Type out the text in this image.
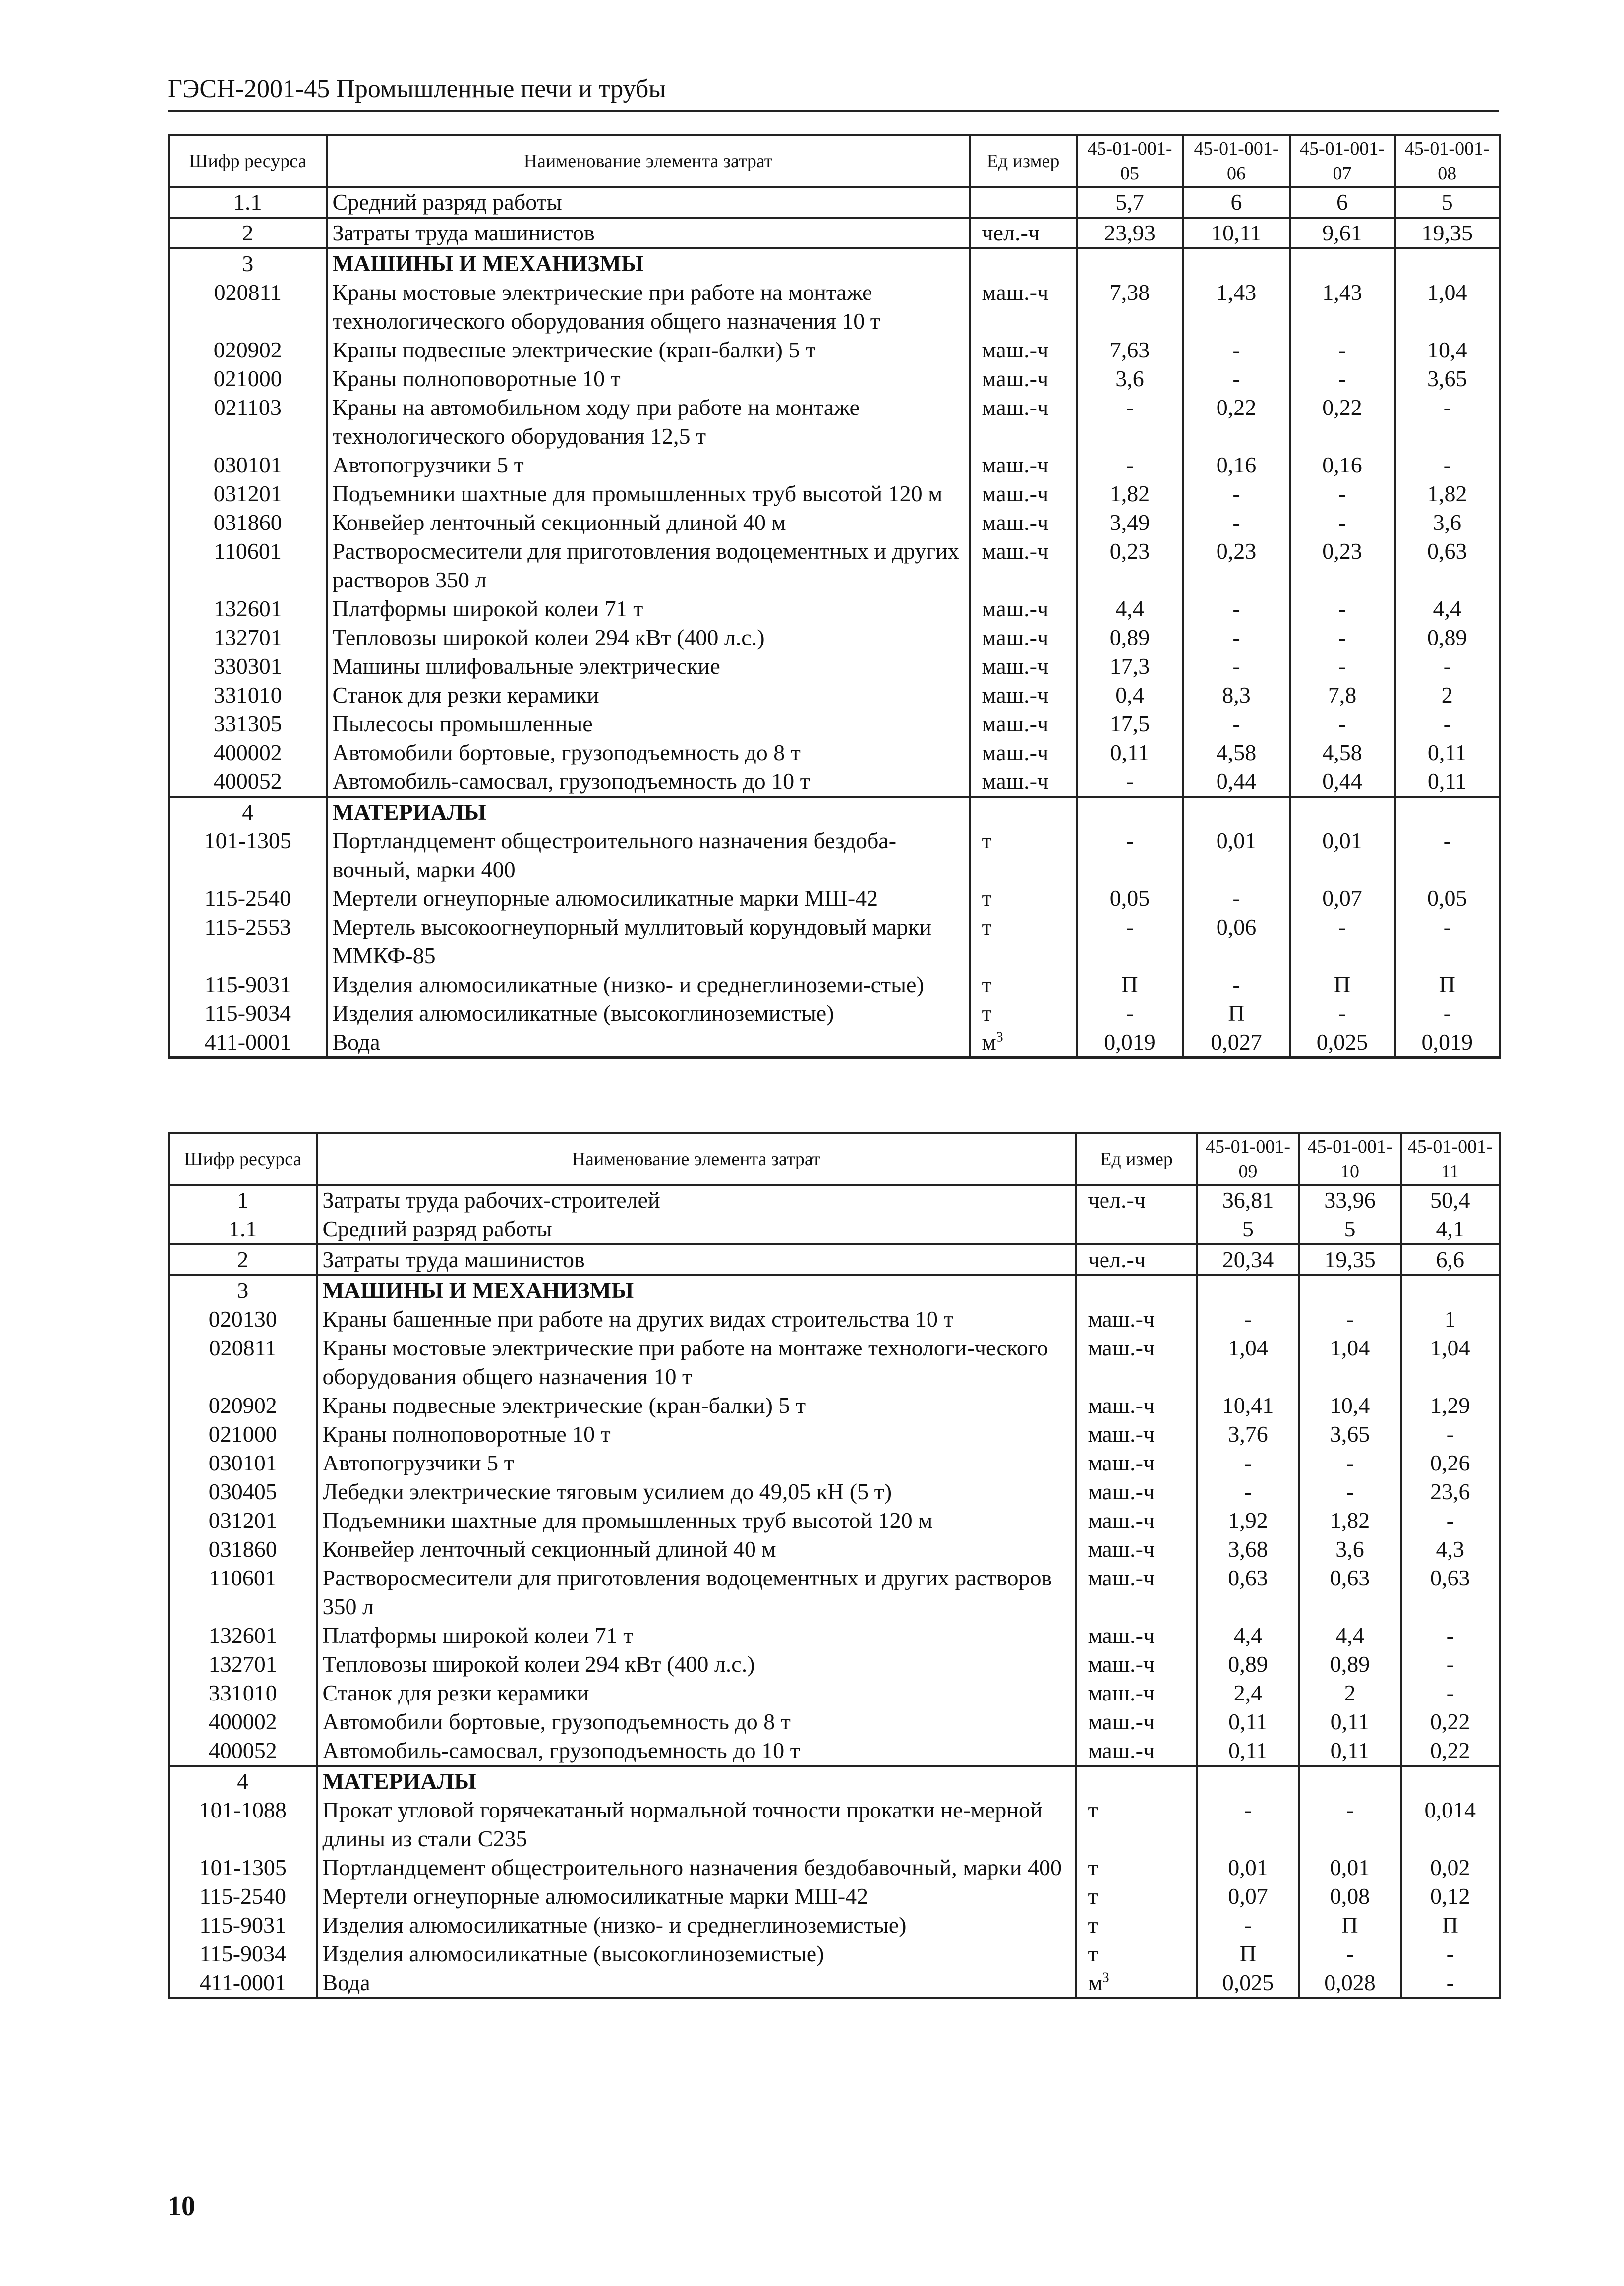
ГЭСН-2001-45 Промышленные печи и трубы
Шифр ресурса	Наименование элемента затрат	Ед измер	45-01-001-05	45-01-001-06	45-01-001-07	45-01-001-08
1.1	Средний разряд работы		5,7	6	6	5
2	Затраты труда машинистов	чел.-ч	23,93	10,11	9,61	19,35
3	МАШИНЫ И МЕХАНИЗМЫ					
020811	Краны мостовые электрические при работе на монтаже технологического оборудования общего назначения 10 т	маш.-ч	7,38	1,43	1,43	1,04
020902	Краны подвесные электрические (кран-балки) 5 т	маш.-ч	7,63	-	-	10,4
021000	Краны полноповоротные 10 т	маш.-ч	3,6	-	-	3,65
021103	Краны на автомобильном ходу при работе на монтаже технологического оборудования 12,5 т	маш.-ч	-	0,22	0,22	-
030101	Автопогрузчики 5 т	маш.-ч	-	0,16	0,16	-
031201	Подъемники шахтные для промышленных труб высотой 120 м	маш.-ч	1,82	-	-	1,82
031860	Конвейер ленточный секционный длиной 40 м	маш.-ч	3,49	-	-	3,6
110601	Растворосмесители для приготовления водоцементных и других растворов 350 л	маш.-ч	0,23	0,23	0,23	0,63
132601	Платформы широкой колеи 71 т	маш.-ч	4,4	-	-	4,4
132701	Тепловозы широкой колеи 294 кВт (400 л.с.)	маш.-ч	0,89	-	-	0,89
330301	Машины шлифовальные электрические	маш.-ч	17,3	-	-	-
331010	Станок для резки керамики	маш.-ч	0,4	8,3	7,8	2
331305	Пылесосы промышленные	маш.-ч	17,5	-	-	-
400002	Автомобили бортовые, грузоподъемность до 8 т	маш.-ч	0,11	4,58	4,58	0,11
400052	Автомобиль-самосвал, грузоподъемность до 10 т	маш.-ч	-	0,44	0,44	0,11
4	МАТЕРИАЛЫ					
101-1305	Портландцемент общестроительного назначения бездоба-вочный, марки 400	т	-	0,01	0,01	-
115-2540	Мертели огнеупорные алюмосиликатные марки МШ-42	т	0,05	-	0,07	0,05
115-2553	Мертель высокоогнеупорный муллитовый корундовый марки ММКФ-85	т	-	0,06	-	-
115-9031	Изделия алюмосиликатные (низко- и среднеглиноземи-стые)	т	П	-	П	П
115-9034	Изделия алюмосиликатные (высокоглиноземистые)	т	-	П	-	-
411-0001	Вода	$м^3$	0,019	0,027	0,025	0,019
Шифр ресурса	Наименование элемента затрат	Ед измер	45-01-001-09	45-01-001-10	45-01-001-11
1	Затраты труда рабочих-строителей	чел.-ч	36,81	33,96	50,4
1.1	Средний разряд работы		5	5	4,1
2	Затраты труда машинистов	чел.-ч	20,34	19,35	6,6
3	МАШИНЫ И МЕХАНИЗМЫ				
020130	Краны башенные при работе на других видах строительства 10 т	маш.-ч	-	-	1
020811	Краны мостовые электрические при работе на монтаже технологи-ческого оборудования общего назначения 10 т	маш.-ч	1,04	1,04	1,04
020902	Краны подвесные электрические (кран-балки) 5 т	маш.-ч	10,41	10,4	1,29
021000	Краны полноповоротные 10 т	маш.-ч	3,76	3,65	-
030101	Автопогрузчики 5 т	маш.-ч	-	-	0,26
030405	Лебедки электрические тяговым усилием до 49,05 кН (5 т)	маш.-ч	-	-	23,6
031201	Подъемники шахтные для промышленных труб высотой 120 м	маш.-ч	1,92	1,82	-
031860	Конвейер ленточный секционный длиной 40 м	маш.-ч	3,68	3,6	4,3
110601	Растворосмесители для приготовления водоцементных и других растворов 350 л	маш.-ч	0,63	0,63	0,63
132601	Платформы широкой колеи 71 т	маш.-ч	4,4	4,4	-
132701	Тепловозы широкой колеи 294 кВт (400 л.с.)	маш.-ч	0,89	0,89	-
331010	Станок для резки керамики	маш.-ч	2,4	2	-
400002	Автомобили бортовые, грузоподъемность до 8 т	маш.-ч	0,11	0,11	0,22
400052	Автомобиль-самосвал, грузоподъемность до 10 т	маш.-ч	0,11	0,11	0,22
4	МАТЕРИАЛЫ				
101-1088	Прокат угловой горячекатаный нормальной точности прокатки не-мерной длины из стали С235	т	-	-	0,014
101-1305	Портландцемент общестроительного назначения бездобавочный, марки 400	т	0,01	0,01	0,02
115-2540	Мертели огнеупорные алюмосиликатные марки МШ-42	т	0,07	0,08	0,12
115-9031	Изделия алюмосиликатные (низко- и среднеглиноземистые)	т	-	П	П
115-9034	Изделия алюмосиликатные (высокоглиноземистые)	т	П	-	-
411-0001	Вода	$м^3$	0,025	0,028	-
10
